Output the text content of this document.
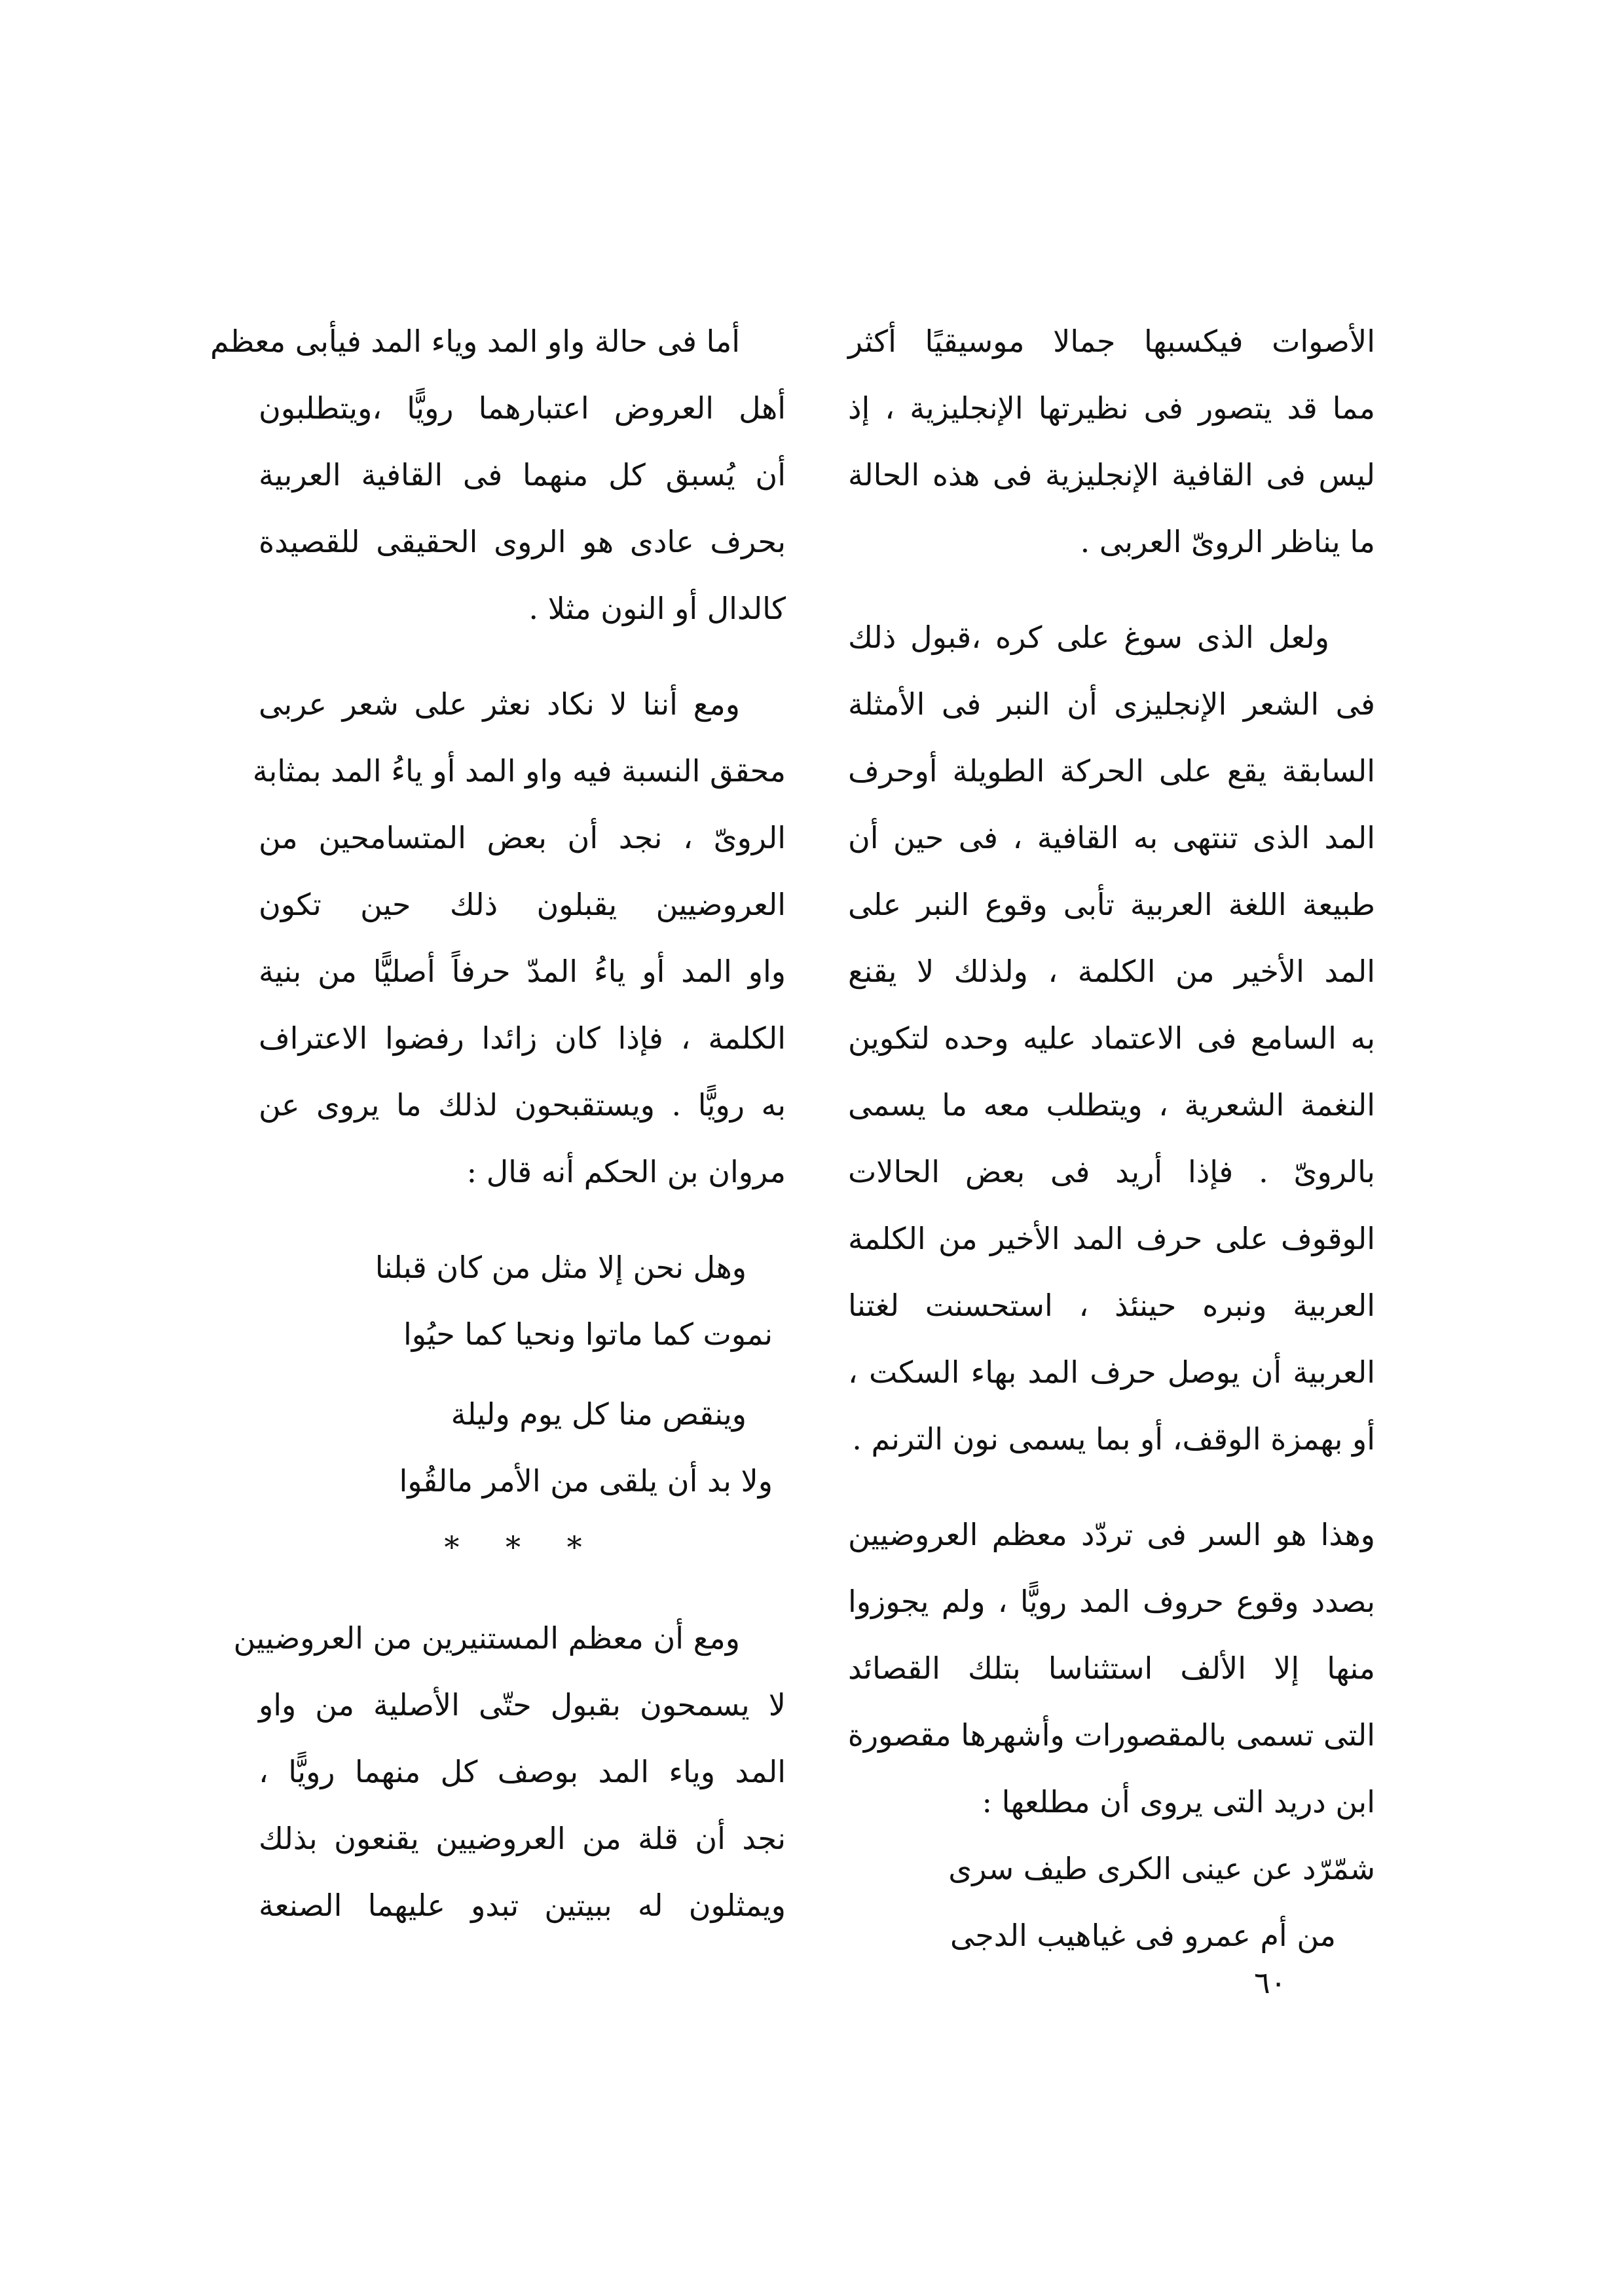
الأصوات فيكسبها جمالا موسيقيًا أكثر
مما قد يتصور فى نظيرتها الإنجليزية ، إذ
ليس فى القافية الإنجليزية فى هذه الحالة
ما يناظر الروىّ العربى .
ولعل الذى سوغ على كره ،قبول ذلك
فى الشعر الإنجليزى أن النبر فى الأمثلة
السابقة يقع على الحركة الطويلة أوحرف
المد الذى تنتهى به القافية ، فى حين أن
طبيعة اللغة العربية تأبى وقوع النبر على
المد الأخير من الكلمة ، ولذلك لا يقنع
به السامع فى الاعتماد عليه وحده لتكوين
النغمة الشعرية ، ويتطلب معه ما يسمى
بالروىّ . فإذا أريد فى بعض الحالات
الوقوف على حرف المد الأخير من الكلمة
العربية ونبره حينئذ ، استحسنت لغتنا
العربية أن يوصل حرف المد بهاء السكت ،
أو بهمزة الوقف، أو بما يسمى نون الترنم .
وهذا هو السر فى تردّد معظم العروضيين
بصدد وقوع حروف المد رويًّا ، ولم يجوزوا
منها إلا الألف استثناسا بتلك القصائد
التى تسمى بالمقصورات وأشهرها مقصورة
ابن دريد التى يروى أن مطلعها :
شمّرّد عن عينى الكرى طيف سرى
من أم عمرو فى غياهيب الدجى
أما فى حالة واو المد وياء المد فيأبى معظم
أهل العروض اعتبارهما رويًّا ،ويتطلبون
أن يُسبق كل منهما فى القافية العربية
بحرف عادى هو الروى الحقيقى للقصيدة
كالدال أو النون مثلا .
ومع أننا لا نكاد نعثر على شعر عربى
محقق النسبة فيه واو المد أو ياءُ المد بمثابة
الروىّ ، نجد أن بعض المتسامحين من
العروضيين يقبلون ذلك حين تكون
واو المد أو ياءُ المدّ حرفاً أصليًّا من بنية
الكلمة ، فإذا كان زائدا رفضوا الاعتراف
به رويًّا . ويستقبحون لذلك ما يروى عن
مروان بن الحكم أنه قال :
وهل نحن إلا مثل من كان قبلنا
نموت كما ماتوا ونحيا كما حيُوا
وينقص منا كل يوم وليلة
ولا بد أن يلقى من الأمر مالقُوا
* * *
ومع أن معظم المستنيرين من العروضيين
لا يسمحون بقبول حتّى الأصلية من واو
المد وياء المد بوصف كل منهما رويًّا ،
نجد أن قلة من العروضيين يقنعون بذلك
ويمثلون له ببيتين تبدو عليهما الصنعة
٦٠
